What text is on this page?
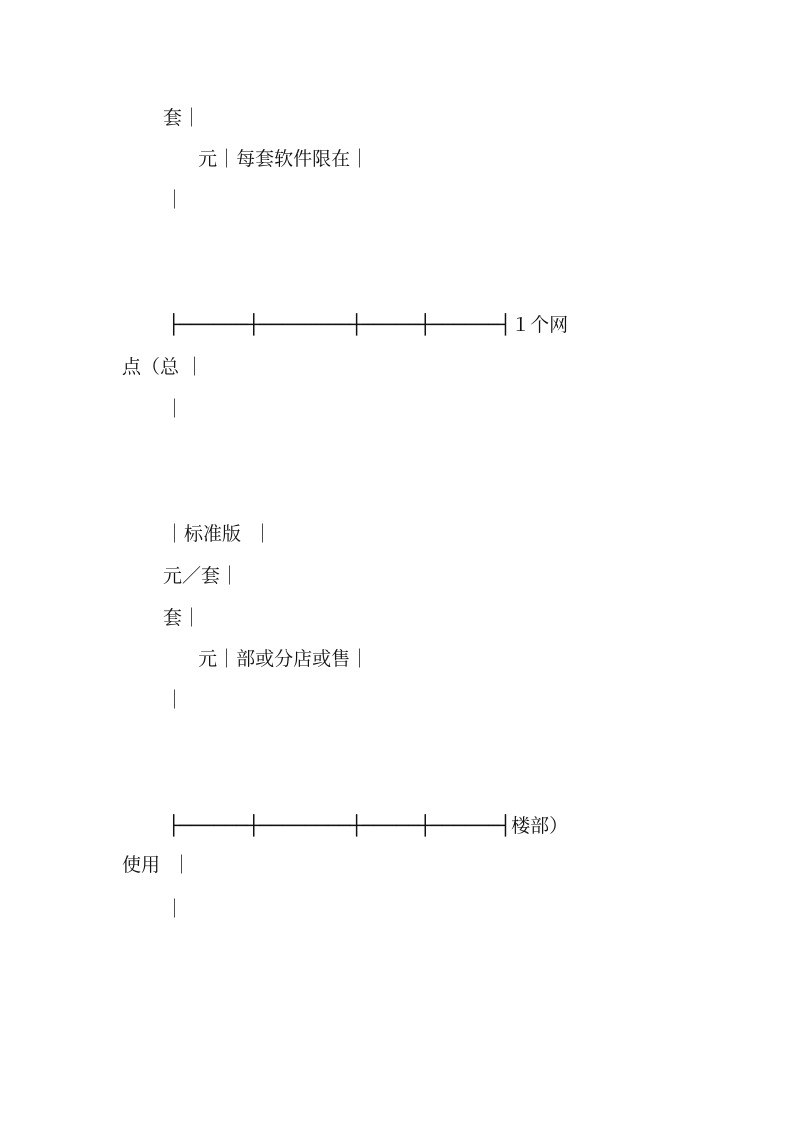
套｜
元｜每套软件限在｜
｜
├──────┼────────┼─────┼──────┤１个网
点（总 ｜
｜
｜标准版  ｜
元／套｜
套｜
元｜部或分店或售｜
｜
├──────┼────────┼─────┼──────┤楼部）
使用  ｜
｜
